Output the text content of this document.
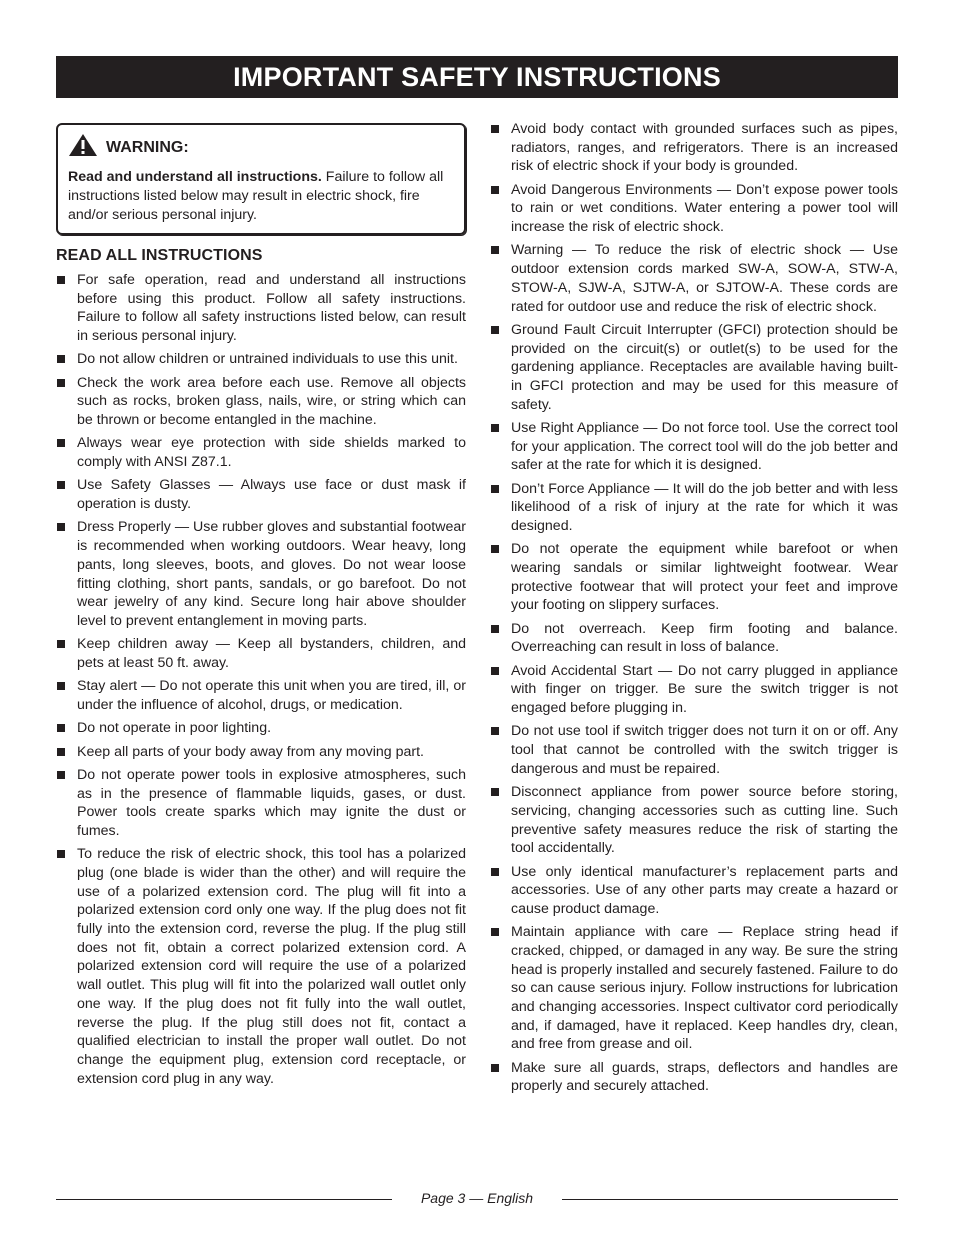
IMPORTANT SAFETY INSTRUCTIONS
WARNING:
Read and understand all instructions. Failure to follow all instructions listed below may result in electric shock, fire and/or serious personal injury.
READ ALL INSTRUCTIONS
For safe operation, read and understand all instructions before using this product. Follow all safety instructions. Failure to follow all safety instructions listed below, can result in serious personal injury.
Do not allow children or untrained individuals to use this unit.
Check the work area before each use. Remove all objects such as rocks, broken glass, nails, wire, or string which can be thrown or become entangled in the machine.
Always wear eye protection with side shields marked to comply with ANSI Z87.1.
Use Safety Glasses — Always use face or dust mask if operation is dusty.
Dress Properly — Use rubber gloves and substantial footwear is recommended when working outdoors. Wear heavy, long pants, long sleeves, boots, and gloves. Do not wear loose fitting clothing, short pants, sandals, or go barefoot. Do not wear jewelry of any kind. Secure long hair above shoulder level to prevent entanglement in moving parts.
Keep children away — Keep all bystanders, children, and pets at least 50 ft. away.
Stay alert — Do not operate this unit when you are tired, ill, or under the influence of alcohol, drugs, or medication.
Do not operate in poor lighting.
Keep all parts of your body away from any moving part.
Do not operate power tools in explosive atmospheres, such as in the presence of flammable liquids, gases, or dust. Power tools create sparks which may ignite the dust or fumes.
To reduce the risk of electric shock, this tool has a polarized plug (one blade is wider than the other) and will require the use of a polarized extension cord. The plug will fit into a polarized extension cord only one way. If the plug does not fit fully into the extension cord, reverse the plug. If the plug still does not fit, obtain a correct polarized extension cord. A polarized extension cord will require the use of a polarized wall outlet. This plug will fit into the polarized wall outlet only one way. If the plug does not fit fully into the wall outlet, reverse the plug. If the plug still does not fit, contact a qualified electrician to install the proper wall outlet. Do not change the equipment plug, extension cord receptacle, or extension cord plug in any way.
Avoid body contact with grounded surfaces such as pipes, radiators, ranges, and refrigerators. There is an increased risk of electric shock if your body is grounded.
Avoid Dangerous Environments — Don’t expose power tools to rain or wet conditions. Water entering a power tool will increase the risk of electric shock.
Warning — To reduce the risk of electric shock — Use outdoor extension cords marked SW-A, SOW-A, STW-A, STOW-A, SJW-A, SJTW-A, or SJTOW-A. These cords are rated for outdoor use and reduce the risk of electric shock.
Ground Fault Circuit Interrupter (GFCI) protection should be provided on the circuit(s) or outlet(s) to be used for the gardening appliance. Receptacles are available having built-in GFCI protection and may be used for this measure of safety.
Use Right Appliance — Do not force tool. Use the correct tool for your application. The correct tool will do the job better and safer at the rate for which it is designed.
Don’t Force Appliance — It will do the job better and with less likelihood of a risk of injury at the rate for which it was designed.
Do not operate the equipment while barefoot or when wearing sandals or similar lightweight footwear. Wear protective footwear that will protect your feet and improve your footing on slippery surfaces.
Do not overreach. Keep firm footing and balance. Overreaching can result in loss of balance.
Avoid Accidental Start — Do not carry plugged in appliance with finger on trigger. Be sure the switch trigger is not engaged before plugging in.
Do not use tool if switch trigger does not turn it on or off. Any tool that cannot be controlled with the switch trigger is dangerous and must be repaired.
Disconnect appliance from power source before storing, servicing, changing accessories such as cutting line. Such preventive safety measures reduce the risk of starting the tool accidentally.
Use only identical manufacturer’s replacement parts and accessories. Use of any other parts may create a hazard or cause product damage.
Maintain appliance with care — Replace string head if cracked, chipped, or damaged in any way. Be sure the string head is properly installed and securely fastened. Failure to do so can cause serious injury. Follow instructions for lubrication and changing accessories. Inspect cultivator cord periodically and, if damaged, have it replaced. Keep handles dry, clean, and free from grease and oil.
Make sure all guards, straps, deflectors and handles are properly and securely attached.
Page 3 — English
